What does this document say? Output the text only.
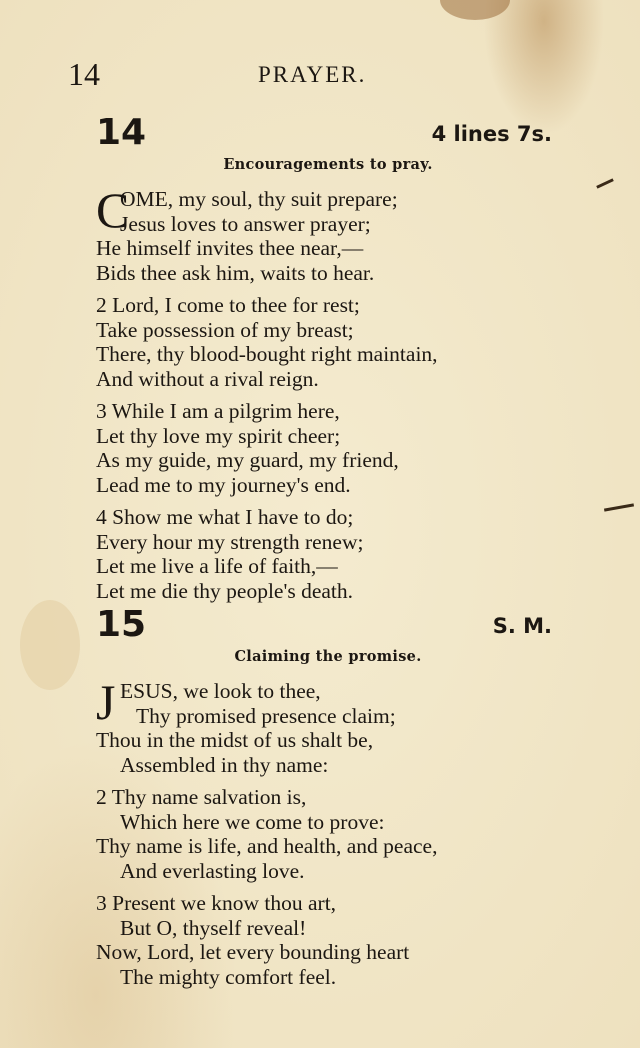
14	PRAYER.
14	4 lines 7s.
Encouragements to pray.
C
OME, my soul, thy suit prepare;
Jesus loves to answer prayer;
He himself invites thee near,—
Bids thee ask him, waits to hear.
2 Lord, I come to thee for rest;
Take possession of my breast;
There, thy blood-bought right maintain,
And without a rival reign.
3 While I am a pilgrim here,
Let thy love my spirit cheer;
As my guide, my guard, my friend,
Lead me to my journey's end.
4 Show me what I have to do;
Every hour my strength renew;
Let me live a life of faith,—
Let me die thy people's death.
15	S. M.
Claiming the promise.
J ESUS, we look to thee,
Thy promised presence claim;
Thou in the midst of us shalt be,
Assembled in thy name:
2 Thy name salvation is,
Which here we come to prove:
Thy name is life, and health, and peace,
And everlasting love.
3 Present we know thou art,
But O, thyself reveal!
Now, Lord, let every bounding heart
The mighty comfort feel.
